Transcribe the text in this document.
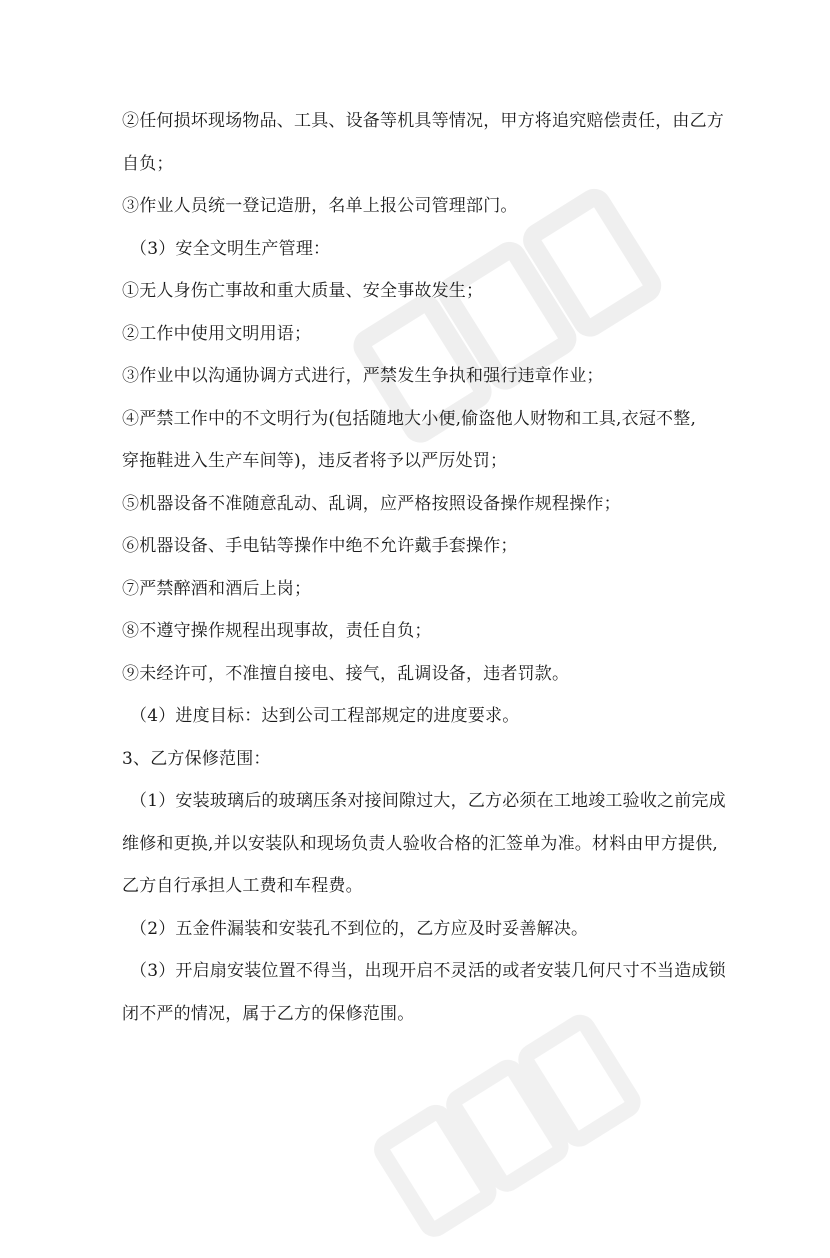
②任何损坏现场物品、工具、设备等机具等情况，甲方将追究赔偿责任，由乙方
自负；
③作业人员统一登记造册，名单上报公司管理部门。
（3）安全文明生产管理：
①无人身伤亡事故和重大质量、安全事故发生；
②工作中使用文明用语；
③作业中以沟通协调方式进行，严禁发生争执和强行违章作业；
④严禁工作中的不文明行为(包括随地大小便,偷盗他人财物和工具,衣冠不整,
穿拖鞋进入生产车间等)，违反者将予以严厉处罚；
⑤机器设备不准随意乱动、乱调，应严格按照设备操作规程操作；
⑥机器设备、手电钻等操作中绝不允许戴手套操作；
⑦严禁醉酒和酒后上岗；
⑧不遵守操作规程出现事故，责任自负；
⑨未经许可，不准擅自接电、接气，乱调设备，违者罚款。
（4）进度目标：达到公司工程部规定的进度要求。
3、乙方保修范围：
（1）安装玻璃后的玻璃压条对接间隙过大，乙方必须在工地竣工验收之前完成
维修和更换,并以安装队和现场负责人验收合格的汇签单为准。材料由甲方提供,
乙方自行承担人工费和车程费。
（2）五金件漏装和安装孔不到位的，乙方应及时妥善解决。
（3）开启扇安装位置不得当，出现开启不灵活的或者安装几何尺寸不当造成锁
闭不严的情况，属于乙方的保修范围。
